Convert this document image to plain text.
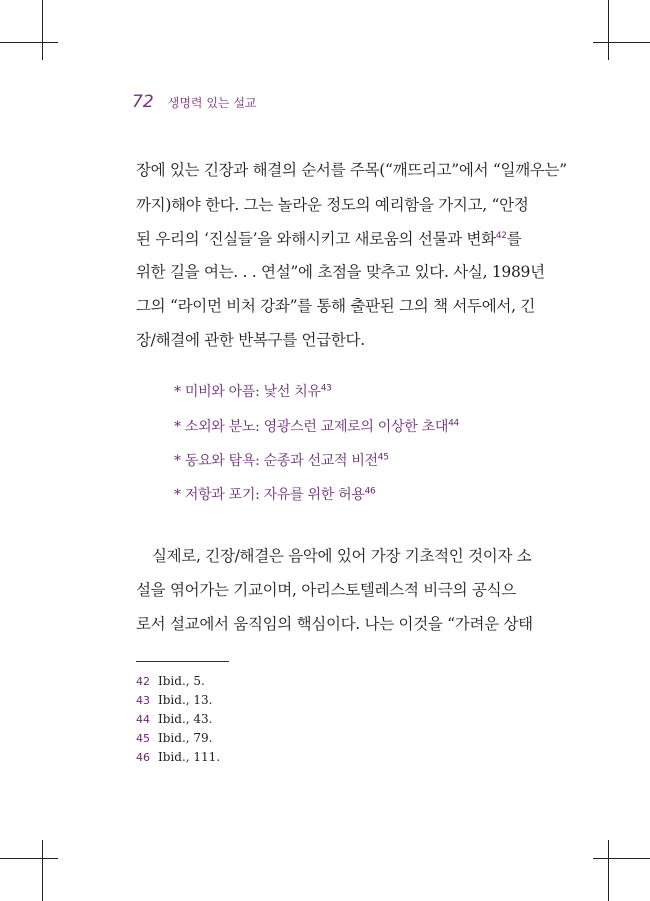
72 생명력 있는 설교
장에 있는 긴장과 해결의 순서를 주목(“깨뜨리고”에서 “일깨우는”
까지)해야 한다. 그는 놀라운 정도의 예리함을 가지고, “안정
된 우리의 ‘진실들’을 와해시키고 새로움의 선물과 변화$^{42}$를
위한 길을 여는. . . 연설”에 초점을 맞추고 있다. 사실, 1989년
그의 “라이먼 비처 강좌”를 통해 출판된 그의 책 서두에서, 긴
장/해결에 관한 반복구를 언급한다.
* 미비와 아픔: 낯선 치유$^{43}$
* 소외와 분노: 영광스런 교제로의 이상한 초대$^{44}$
* 동요와 탐욕: 순종과 선교적 비전$^{45}$
* 저항과 포기: 자유를 위한 허용$^{46}$
실제로, 긴장/해결은 음악에 있어 가장 기초적인 것이자 소
설을 엮어가는 기교이며, 아리스토텔레스적 비극의 공식으
로서 설교에서 움직임의 핵심이다. 나는 이것을 “가려운 상태
42 Ibid., 5.
43 Ibid., 13.
44 Ibid., 43.
45 Ibid., 79.
46 Ibid., 111.
